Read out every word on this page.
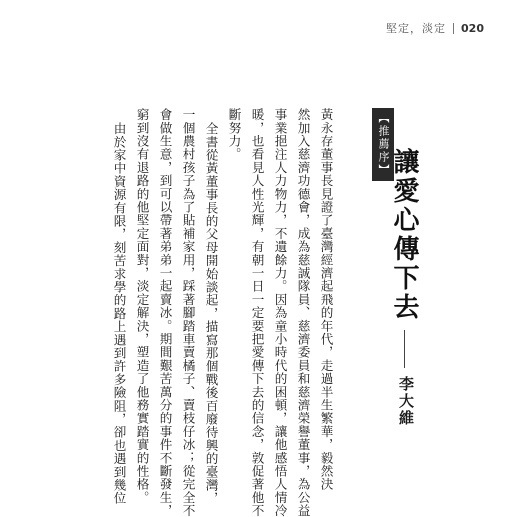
堅定，淡定 020
【推薦序】
讓愛心傳下去
李大維
黃永存董事長見證了臺灣經濟起飛的年代，走過半生繁華，毅然決
然加入慈濟功德會，成為慈誠隊員、慈濟委員和慈濟榮譽董事，為公益
事業挹注人力物力，不遺餘力。因為童小時代的困頓，讓他感悟人情冷
暖，也看見人性光輝，有朝一日一定要把愛傳下去的信念，敦促著他不
斷努力。
全書從黃董事長的父母開始談起，描寫那個戰後百廢待興的臺灣，
一個農村孩子為了貼補家用，踩著腳踏車賣橘子、賣枝仔冰；從完全不
會做生意，到可以帶著弟弟一起賣冰。期間艱苦萬分的事件不斷發生，
窮到沒有退路的他堅定面對，淡定解決，塑造了他務實踏實的性格。
由於家中資源有限，刻苦求學的路上遇到許多險阻，卻也遇到幾位
